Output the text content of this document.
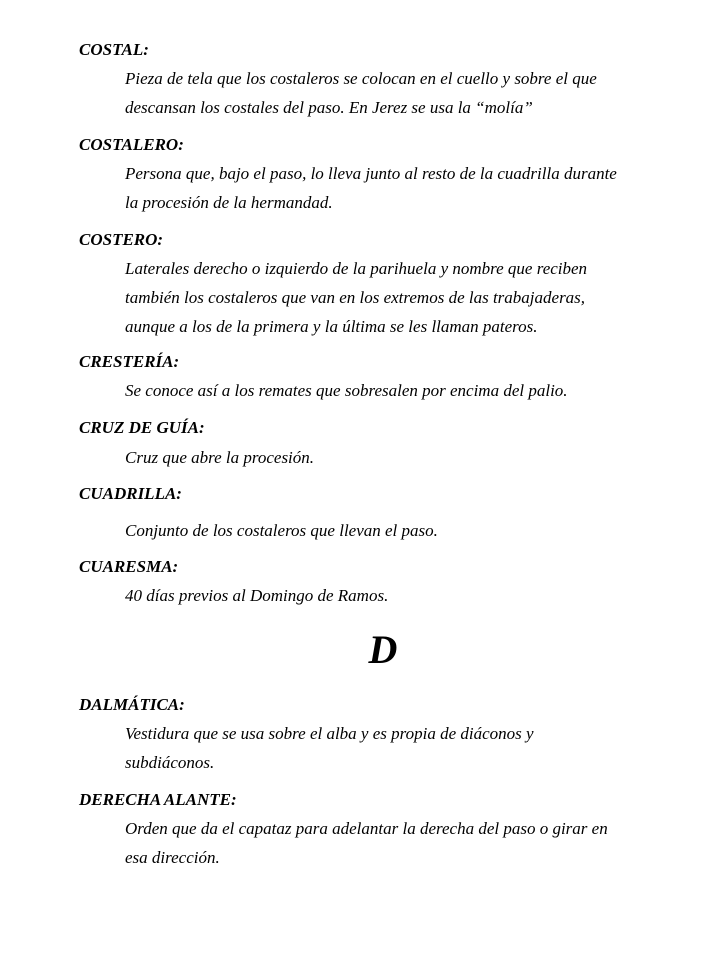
COSTAL:
Pieza de tela que los costaleros se colocan en el cuello y sobre el que
descansan los costales del paso. En Jerez se usa la “molía”
COSTALERO:
Persona que, bajo el paso, lo lleva junto al resto de la cuadrilla durante
la procesión de la hermandad.
COSTERO:
Laterales derecho o izquierdo de la parihuela y nombre que reciben
también los costaleros que van en los extremos de las trabajaderas,
aunque a los de la primera y la última se les llaman pateros.
CRESTERÍA:
Se conoce así a los remates que sobresalen por encima del palio.
CRUZ DE GUÍA:
Cruz que abre la procesión.
CUADRILLA:
Conjunto de los costaleros que llevan el paso.
CUARESMA:
40 días previos al Domingo de Ramos.
D
DALMÁTICA:
Vestidura que se usa sobre el alba y es propia de diáconos y
subdiáconos.
DERECHA ALANTE:
Orden que da el capataz para adelantar la derecha del paso o girar en
esa dirección.
